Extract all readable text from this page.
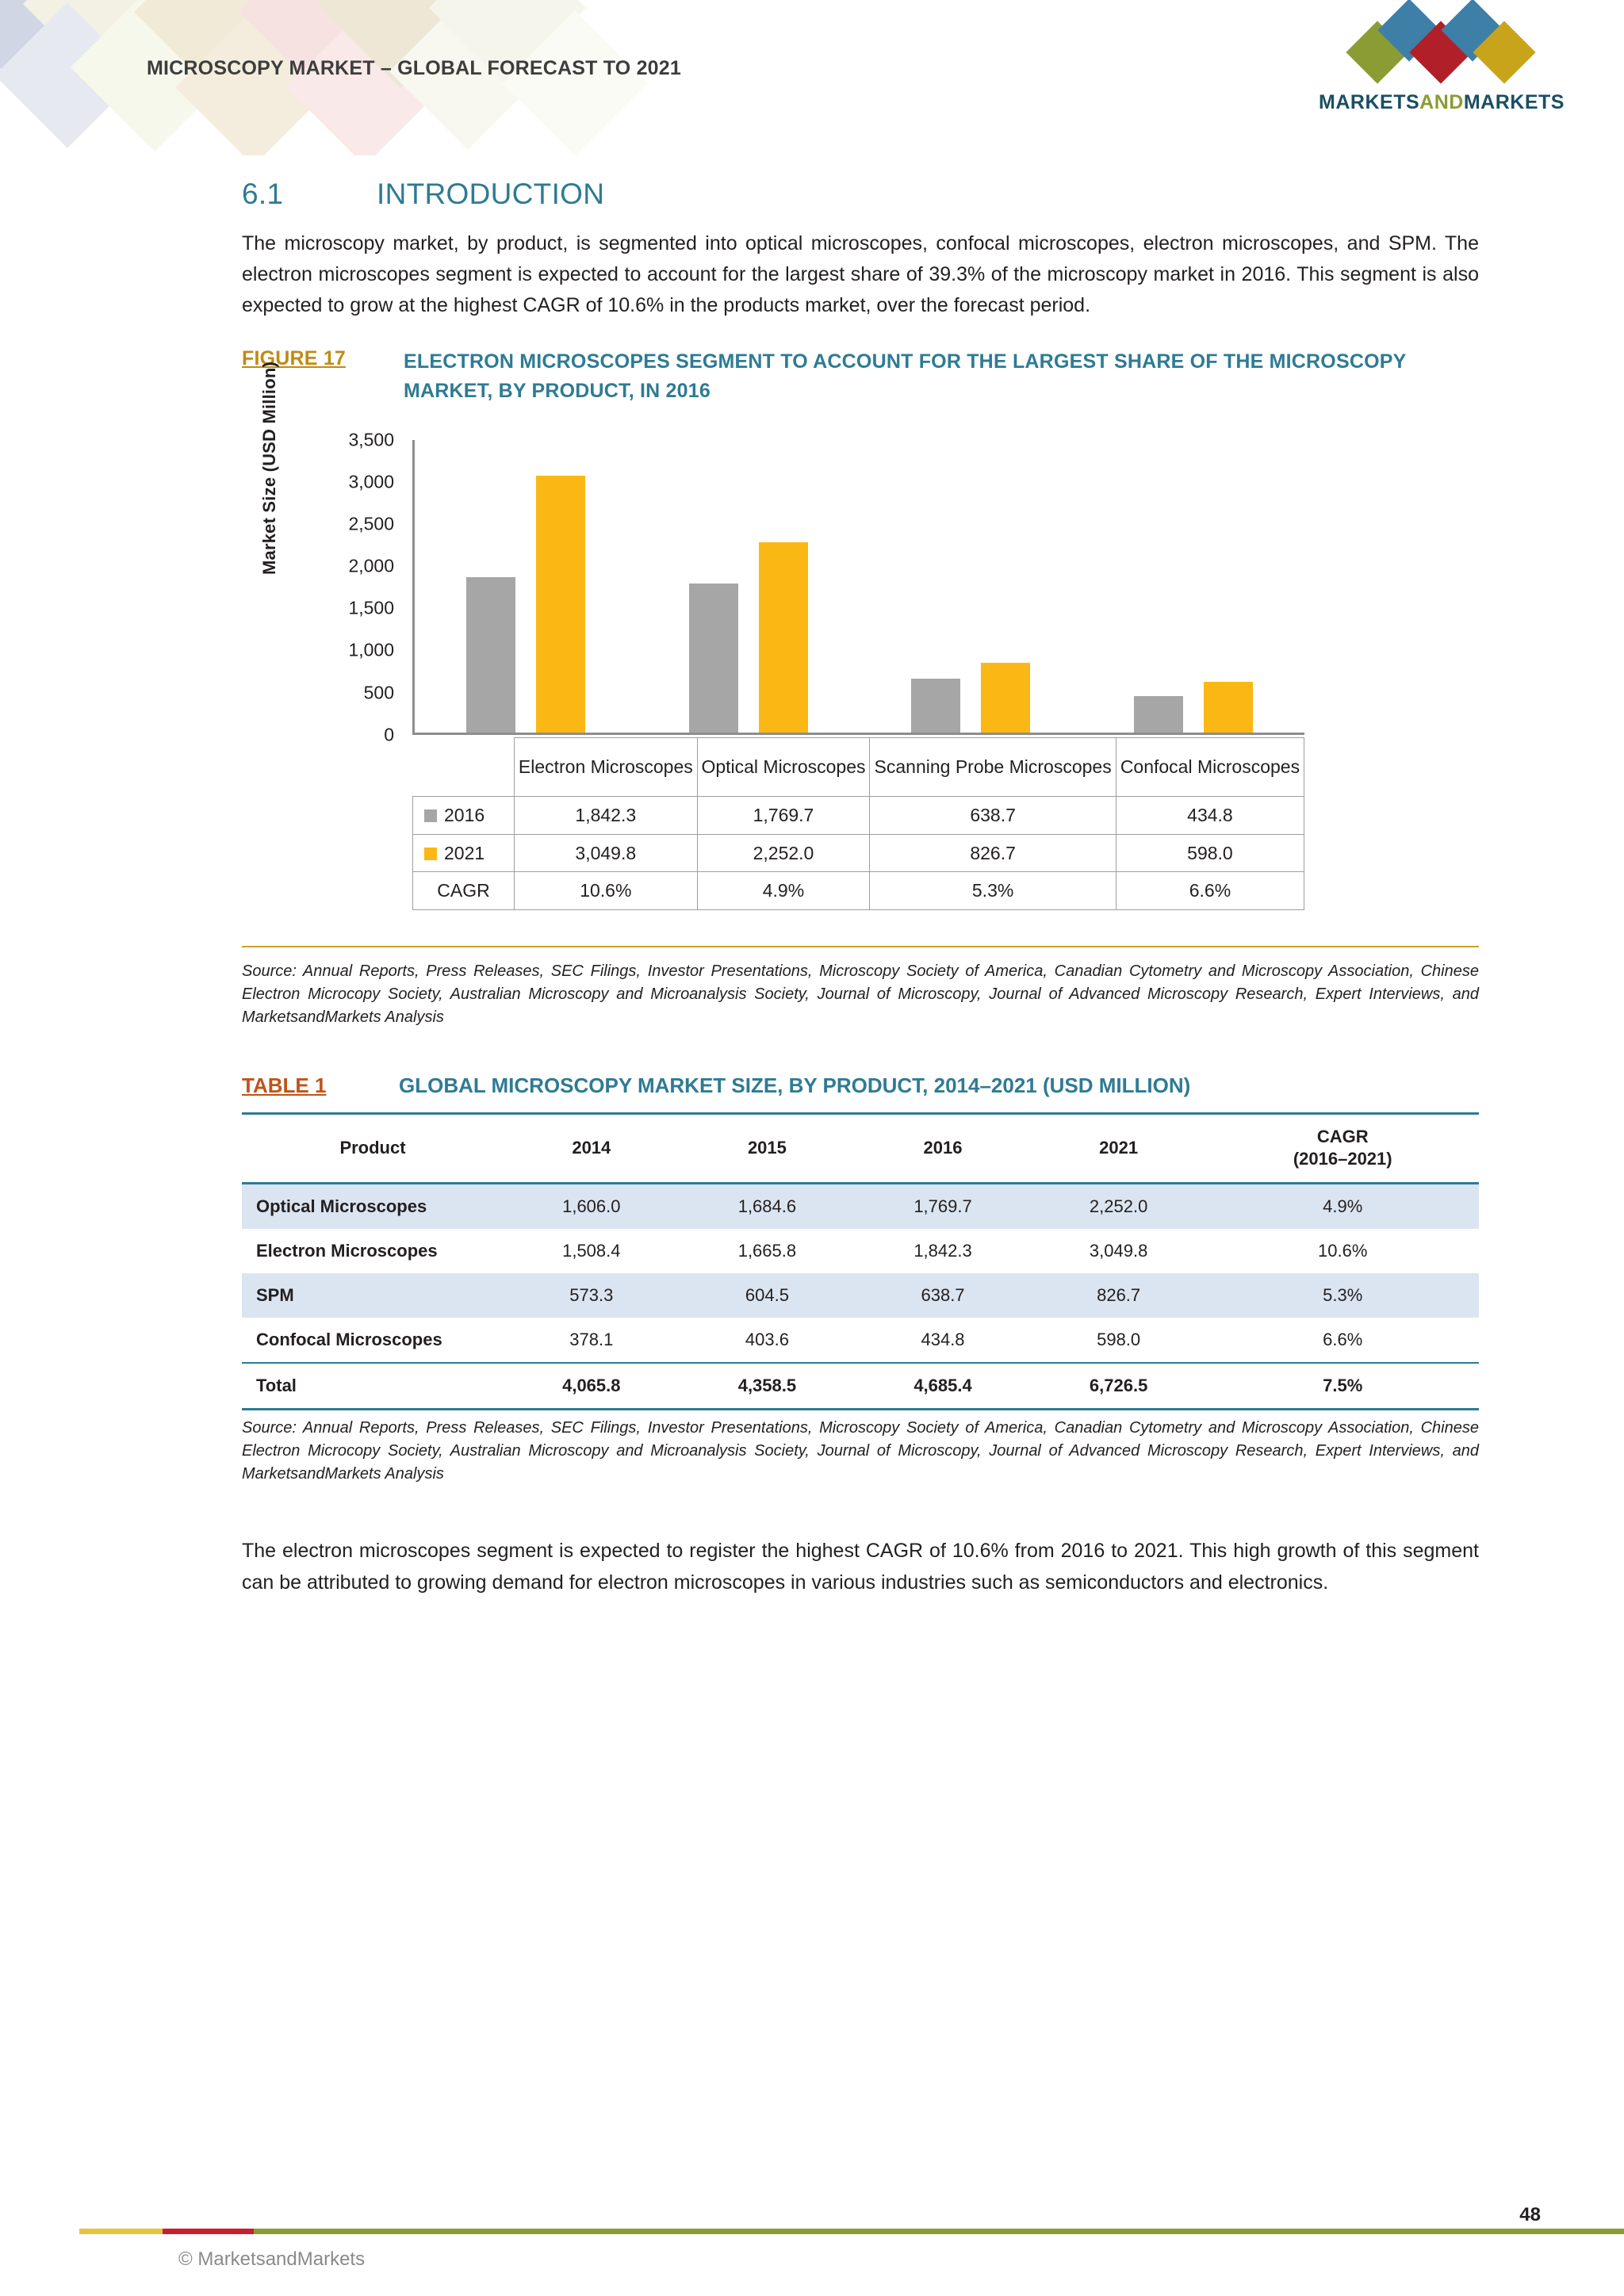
MICROSCOPY MARKET – GLOBAL FORECAST TO 2021
MARKETSANDMARKETS
6.1	INTRODUCTION

The microscopy market, by product, is segmented into optical microscopes, confocal microscopes, electron microscopes, and SPM. The electron microscopes segment is expected to account for the largest share of 39.3% of the microscopy market in 2016. This segment is also expected to grow at the highest CAGR of 10.6% in the products market, over the forecast period.

FIGURE 17	ELECTRON MICROSCOPES SEGMENT TO ACCOUNT FOR THE LARGEST SHARE OF THE MICROSCOPY MARKET, BY PRODUCT, IN 2016
Market Size (USD Million)
0
500
1,000
1,500
2,000
2,500
3,000
3,500
	Electron Microscopes	Optical Microscopes	Scanning Probe Microscopes	Confocal Microscopes
2016	1,842.3	1,769.7	638.7	434.8
2021	3,049.8	2,252.0	826.7	598.0
CAGR	10.6%	4.9%	5.3%	6.6%

Source: Annual Reports, Press Releases, SEC Filings, Investor Presentations, Microscopy Society of America, Canadian Cytometry and Microscopy Association, Chinese Electron Microcopy Society, Australian Microscopy and Microanalysis Society, Journal of Microscopy, Journal of Advanced Microscopy Research, Expert Interviews, and MarketsandMarkets Analysis

TABLE 1	GLOBAL MICROSCOPY MARKET SIZE, BY PRODUCT, 2014–2021 (USD MILLION)
Product	2014	2015	2016	2021	CAGR
(2016–2021)
Optical Microscopes	1,606.0	1,684.6	1,769.7	2,252.0	4.9%
Electron Microscopes	1,508.4	1,665.8	1,842.3	3,049.8	10.6%
SPM	573.3	604.5	638.7	826.7	5.3%
Confocal Microscopes	378.1	403.6	434.8	598.0	6.6%
Total	4,065.8	4,358.5	4,685.4	6,726.5	7.5%

Source: Annual Reports, Press Releases, SEC Filings, Investor Presentations, Microscopy Society of America, Canadian Cytometry and Microscopy Association, Chinese Electron Microcopy Society, Australian Microscopy and Microanalysis Society, Journal of Microscopy, Journal of Advanced Microscopy Research, Expert Interviews, and MarketsandMarkets Analysis

The electron microscopes segment is expected to register the highest CAGR of 10.6% from 2016 to 2021. This high growth of this segment can be attributed to growing demand for electron microscopes in various industries such as semiconductors and electronics.

48
© MarketsandMarkets
